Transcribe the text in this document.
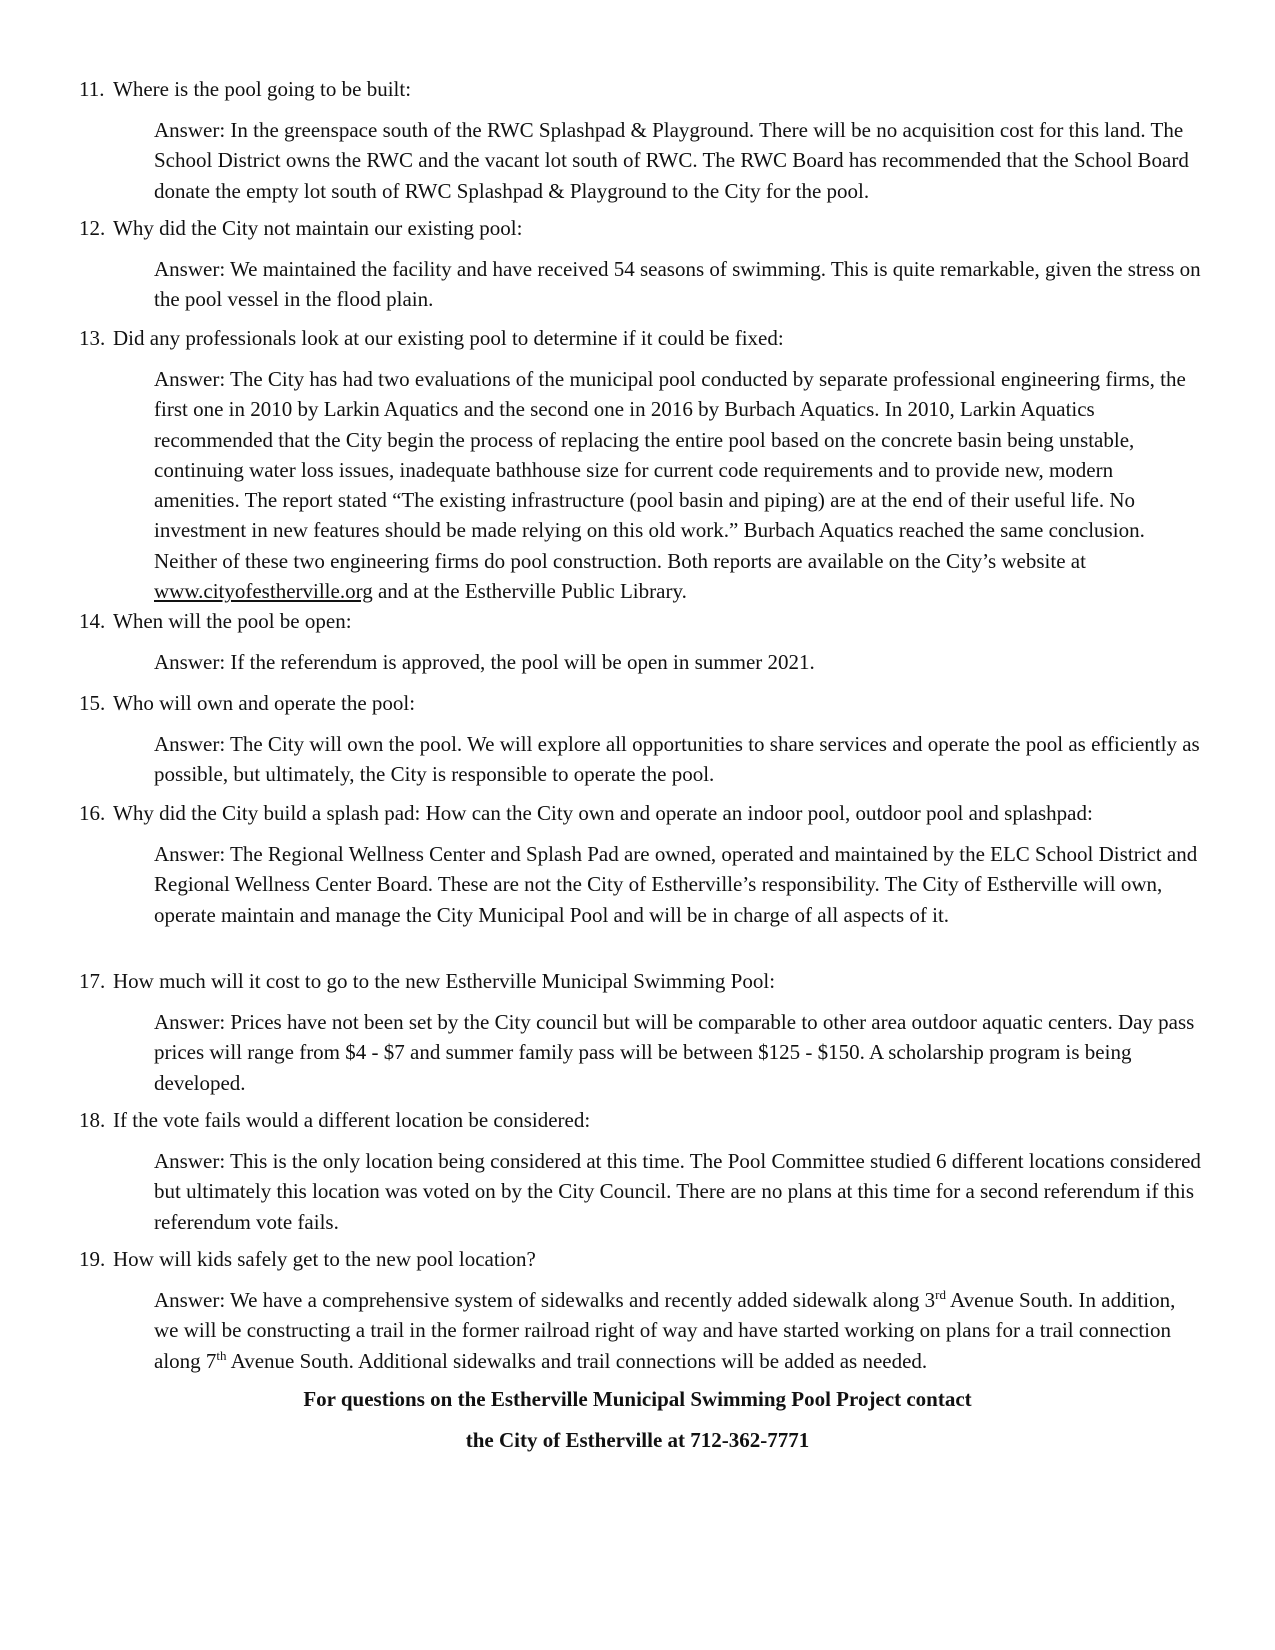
11. Where is the pool going to be built:
Answer: In the greenspace south of the RWC Splashpad & Playground. There will be no acquisition cost for this land. The School District owns the RWC and the vacant lot south of RWC. The RWC Board has recommended that the School Board donate the empty lot south of RWC Splashpad & Playground to the City for the pool.
12. Why did the City not maintain our existing pool:
Answer: We maintained the facility and have received 54 seasons of swimming. This is quite remarkable, given the stress on the pool vessel in the flood plain.
13. Did any professionals look at our existing pool to determine if it could be fixed:
Answer: The City has had two evaluations of the municipal pool conducted by separate professional engineering firms, the first one in 2010 by Larkin Aquatics and the second one in 2016 by Burbach Aquatics. In 2010, Larkin Aquatics recommended that the City begin the process of replacing the entire pool based on the concrete basin being unstable, continuing water loss issues, inadequate bathhouse size for current code requirements and to provide new, modern amenities. The report stated “The existing infrastructure (pool basin and piping) are at the end of their useful life. No investment in new features should be made relying on this old work.” Burbach Aquatics reached the same conclusion. Neither of these two engineering firms do pool construction. Both reports are available on the City’s website at www.cityofestherville.org and at the Estherville Public Library.
14. When will the pool be open:
Answer: If the referendum is approved, the pool will be open in summer 2021.
15. Who will own and operate the pool:
Answer: The City will own the pool. We will explore all opportunities to share services and operate the pool as efficiently as possible, but ultimately, the City is responsible to operate the pool.
16. Why did the City build a splash pad: How can the City own and operate an indoor pool, outdoor pool and splashpad:
Answer: The Regional Wellness Center and Splash Pad are owned, operated and maintained by the ELC School District and Regional Wellness Center Board. These are not the City of Estherville’s responsibility. The City of Estherville will own, operate maintain and manage the City Municipal Pool and will be in charge of all aspects of it.
17. How much will it cost to go to the new Estherville Municipal Swimming Pool:
Answer: Prices have not been set by the City council but will be comparable to other area outdoor aquatic centers. Day pass prices will range from $4 - $7 and summer family pass will be between $125 - $150. A scholarship program is being developed.
18. If the vote fails would a different location be considered:
Answer: This is the only location being considered at this time. The Pool Committee studied 6 different locations considered but ultimately this location was voted on by the City Council. There are no plans at this time for a second referendum if this referendum vote fails.
19. How will kids safely get to the new pool location?
Answer: We have a comprehensive system of sidewalks and recently added sidewalk along 3rd Avenue South. In addition, we will be constructing a trail in the former railroad right of way and have started working on plans for a trail connection along 7th Avenue South. Additional sidewalks and trail connections will be added as needed.
For questions on the Estherville Municipal Swimming Pool Project contact
the City of Estherville at 712-362-7771
